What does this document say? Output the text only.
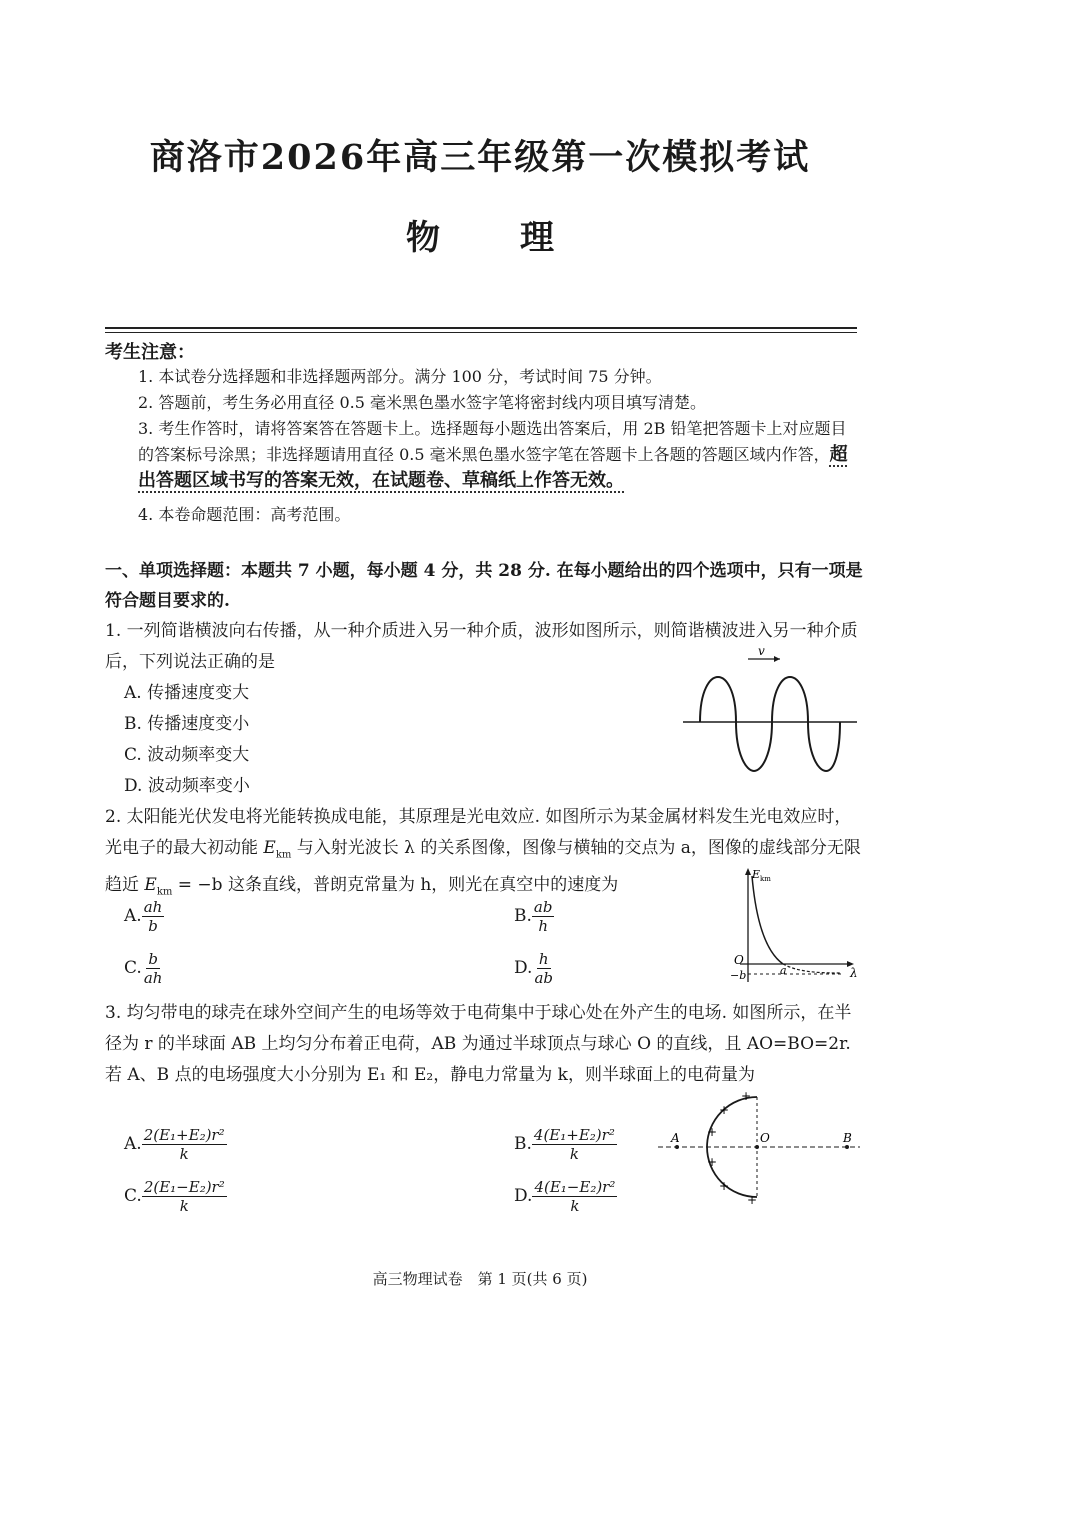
商洛市2026年高三年级第一次模拟考试
物理
考生注意：
1. 本试卷分选择题和非选择题两部分。满分 100 分，考试时间 75 分钟。
2. 答题前，考生务必用直径 0.5 毫米黑色墨水签字笔将密封线内项目填写清楚。
3. 考生作答时，请将答案答在答题卡上。选择题每小题选出答案后，用 2B 铅笔把答题卡上对应题目的答案标号涂黑；非选择题请用直径 0.5 毫米黑色墨水签字笔在答题卡上各题的答题区域内作答，超出答题区域书写的答案无效，在试题卷、草稿纸上作答无效。
4. 本卷命题范围：高考范围。
一、单项选择题：本题共 7 小题，每小题 4 分，共 28 分. 在每小题给出的四个选项中，只有一项是符合题目要求的.
1. 一列简谐横波向右传播，从一种介质进入另一种介质，波形如图所示，则简谐横波进入另一种介质后，下列说法正确的是
A. 传播速度变大
B. 传播速度变小
C. 波动频率变大
D. 波动频率变小
v
2. 太阳能光伏发电将光能转换成电能，其原理是光电效应. 如图所示为某金属材料发生光电效应时，光电子的最大初动能 $E_{km}$ 与入射光波长 λ 的关系图像，图像与横轴的交点为 a，图像的虚线部分无限趋近 $E_{km} = -b$ 这条直线，普朗克常量为 h，则光在真空中的速度为
A. $\frac{ah}{b}$	B. $\frac{ab}{h}$
C. $\frac{b}{ah}$	D. $\frac{h}{ab}$
E km
O
−b	a	λ
3. 均匀带电的球壳在球外空间产生的电场等效于电荷集中于球心处在外产生的电场. 如图所示，在半径为 r 的半球面 AB 上均匀分布着正电荷，AB 为通过半球顶点与球心 O 的直线，且 AO=BO=2r. 若 A、B 点的电场强度大小分别为 E₁ 和 E₂，静电力常量为 k，则半球面上的电荷量为
A. $\frac{\text{2(E₁+E₂)r²}}{k}$	B. $\frac{\text{4(E₁+E₂)r²}}{k}$
C. $\frac{\text{2(E₁−E₂)r²}}{k}$	D. $\frac{\text{4(E₁−E₂)r²}}{k}$
A	O	B
+
+
+
+
+
+
高三物理试卷　第 1 页(共 6 页)
